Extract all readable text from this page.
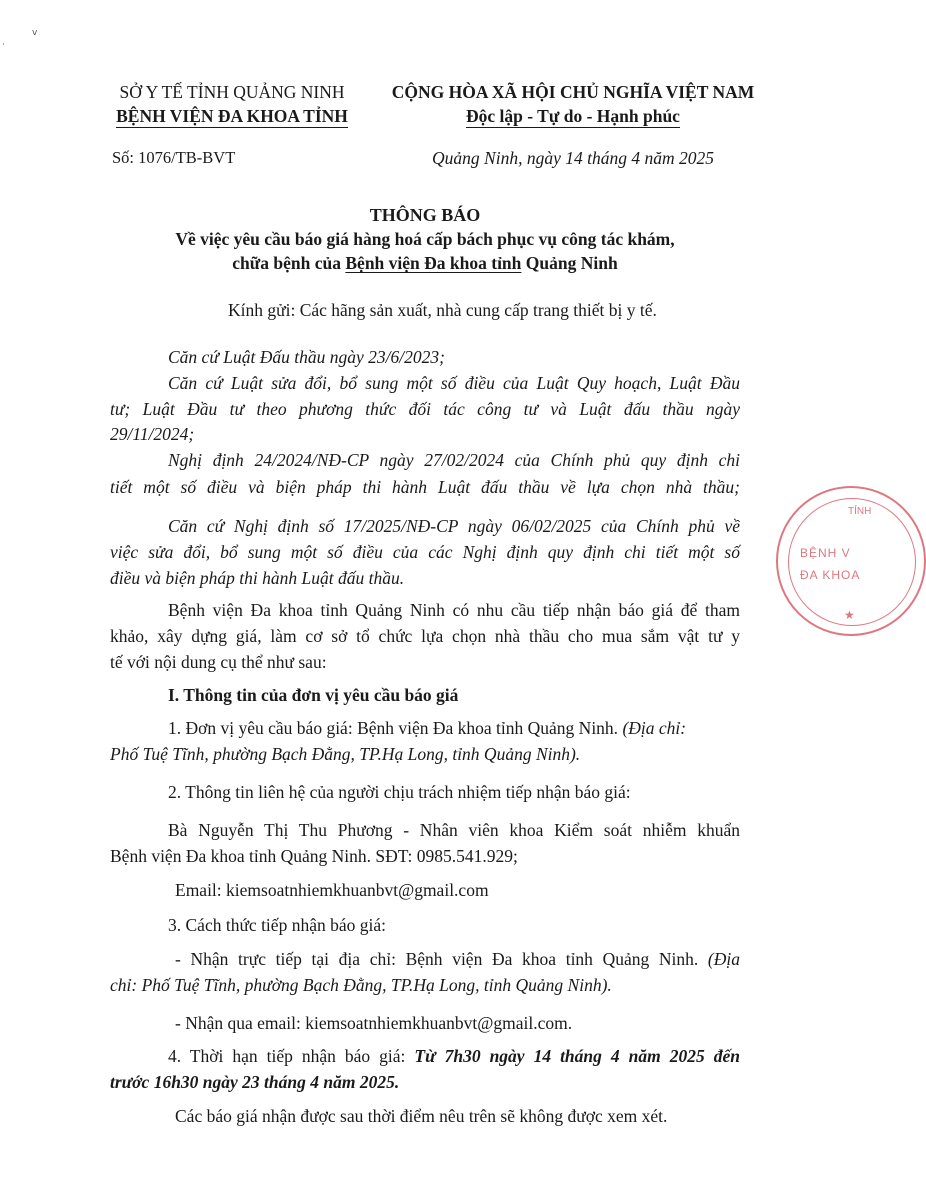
ⅴ
·
SỞ Y TẾ TỈNH QUẢNG NINH
BỆNH VIỆN ĐA KHOA TỈNH
Số: 1076/TB-BVT
CỘNG HÒA XÃ HỘI CHỦ NGHĨA VIỆT NAM
Độc lập - Tự do - Hạnh phúc
Quảng Ninh, ngày 14 tháng 4 năm 2025
THÔNG BÁO
Về việc yêu cầu báo giá hàng hoá cấp bách phục vụ công tác khám,
chữa bệnh của Bệnh viện Đa khoa tỉnh Quảng Ninh

Kính gửi: Các hãng sản xuất, nhà cung cấp trang thiết bị y tế.

Căn cứ Luật Đấu thầu ngày 23/6/2023;

Căn cứ Luật sửa đổi, bổ sung một số điều của Luật Quy hoạch, Luật Đầu

tư; Luật Đầu tư theo phương thức đối tác công tư và Luật đấu thầu ngày

29/11/2024;

Nghị định 24/2024/NĐ-CP ngày 27/02/2024 của Chính phủ quy định chi

tiết một số điều và biện pháp thi hành Luật đấu thầu về lựa chọn nhà thầu;

Căn cứ Nghị định số 17/2025/NĐ-CP ngày 06/02/2025 của Chính phủ về

việc sửa đổi, bổ sung một số điều của các Nghị định quy định chi tiết một số

điều và biện pháp thi hành Luật đấu thầu.

Bệnh viện Đa khoa tỉnh Quảng Ninh có nhu cầu tiếp nhận báo giá để tham

khảo, xây dựng giá, làm cơ sở tổ chức lựa chọn nhà thầu cho mua sắm vật tư y

tế với nội dung cụ thể như sau:

I. Thông tin của đơn vị yêu cầu báo giá

1. Đơn vị yêu cầu báo giá: Bệnh viện Đa khoa tỉnh Quảng Ninh. (Địa chỉ:

Phố Tuệ Tĩnh, phường Bạch Đằng, TP.Hạ Long, tỉnh Quảng Ninh).

2. Thông tin liên hệ của người chịu trách nhiệm tiếp nhận báo giá:

Bà Nguyễn Thị Thu Phương - Nhân viên khoa Kiểm soát nhiễm khuẩn

Bệnh viện Đa khoa tỉnh Quảng Ninh. SĐT: 0985.541.929;

Email: kiemsoatnhiemkhuanbvt@gmail.com

3. Cách thức tiếp nhận báo giá:

- Nhận trực tiếp tại địa chỉ: Bệnh viện Đa khoa tỉnh Quảng Ninh. (Địa

chỉ: Phố Tuệ Tĩnh, phường Bạch Đằng, TP.Hạ Long, tỉnh Quảng Ninh).

- Nhận qua email: kiemsoatnhiemkhuanbvt@gmail.com.

4. Thời hạn tiếp nhận báo giá: Từ 7h30 ngày 14 tháng 4 năm 2025 đến

trước 16h30 ngày 23 tháng 4 năm 2025.

Các báo giá nhận được sau thời điểm nêu trên sẽ không được xem xét.

TỈNH
BỆNH V
ĐA KHOA
★
